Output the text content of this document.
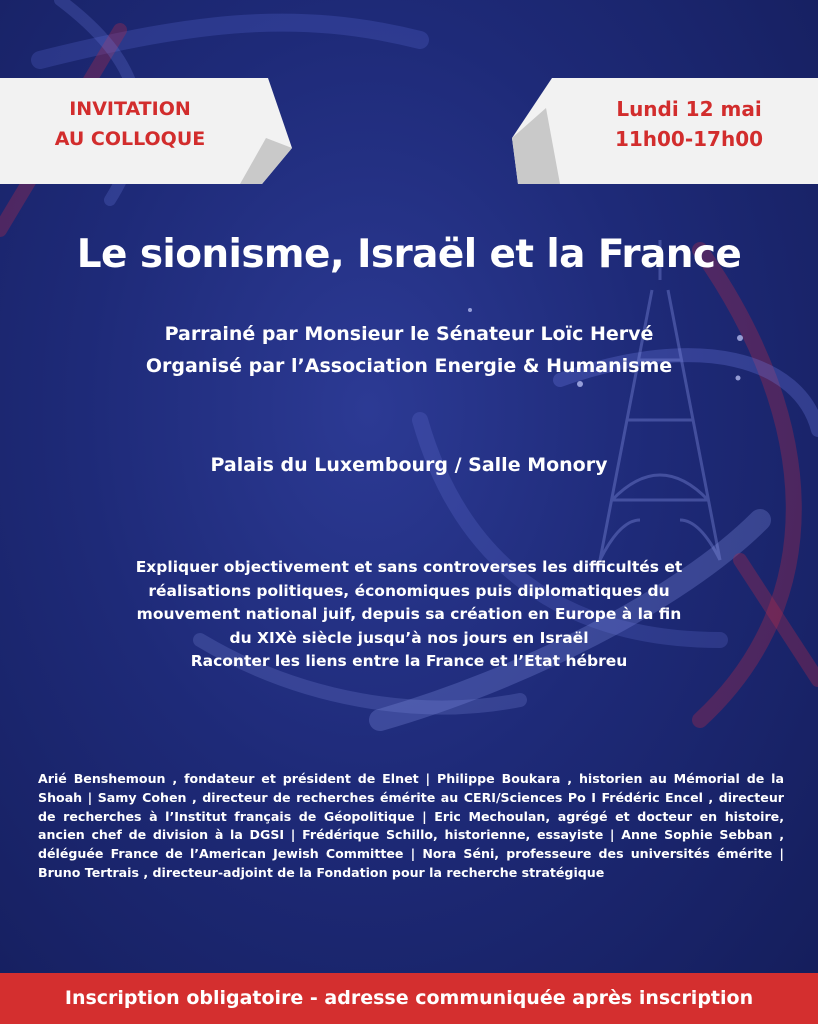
INVITATION
AU COLLOQUE
Lundi 12 mai
11h00-17h00
Le sionisme, Israël et la France
Parrainé par Monsieur le Sénateur Loïc Hervé
Organisé par l’Association Energie & Humanisme
Palais du Luxembourg / Salle Monory
Expliquer objectivement et sans controverses les difficultés et
réalisations politiques, économiques puis diplomatiques du
mouvement national juif, depuis sa création en Europe à la fin
du XIXè siècle jusqu’à nos jours en Israël
Raconter les liens entre la France et l’Etat hébreu
Arié Benshemoun , fondateur et président de Elnet | Philippe Boukara , historien au Mémorial de la Shoah | Samy Cohen , directeur de recherches émérite au CERI/Sciences Po I Frédéric Encel , directeur de recherches à l’Institut français de Géopolitique | Eric Mechoulan, agrégé et docteur en histoire, ancien chef de division à la DGSI | Frédérique Schillo, historienne, essayiste | Anne Sophie Sebban , déléguée France de l’American Jewish Committee | Nora Séni, professeure des universités émérite | Bruno Tertrais , directeur-adjoint de la Fondation pour la recherche stratégique
Inscription obligatoire - adresse communiquée après inscription
